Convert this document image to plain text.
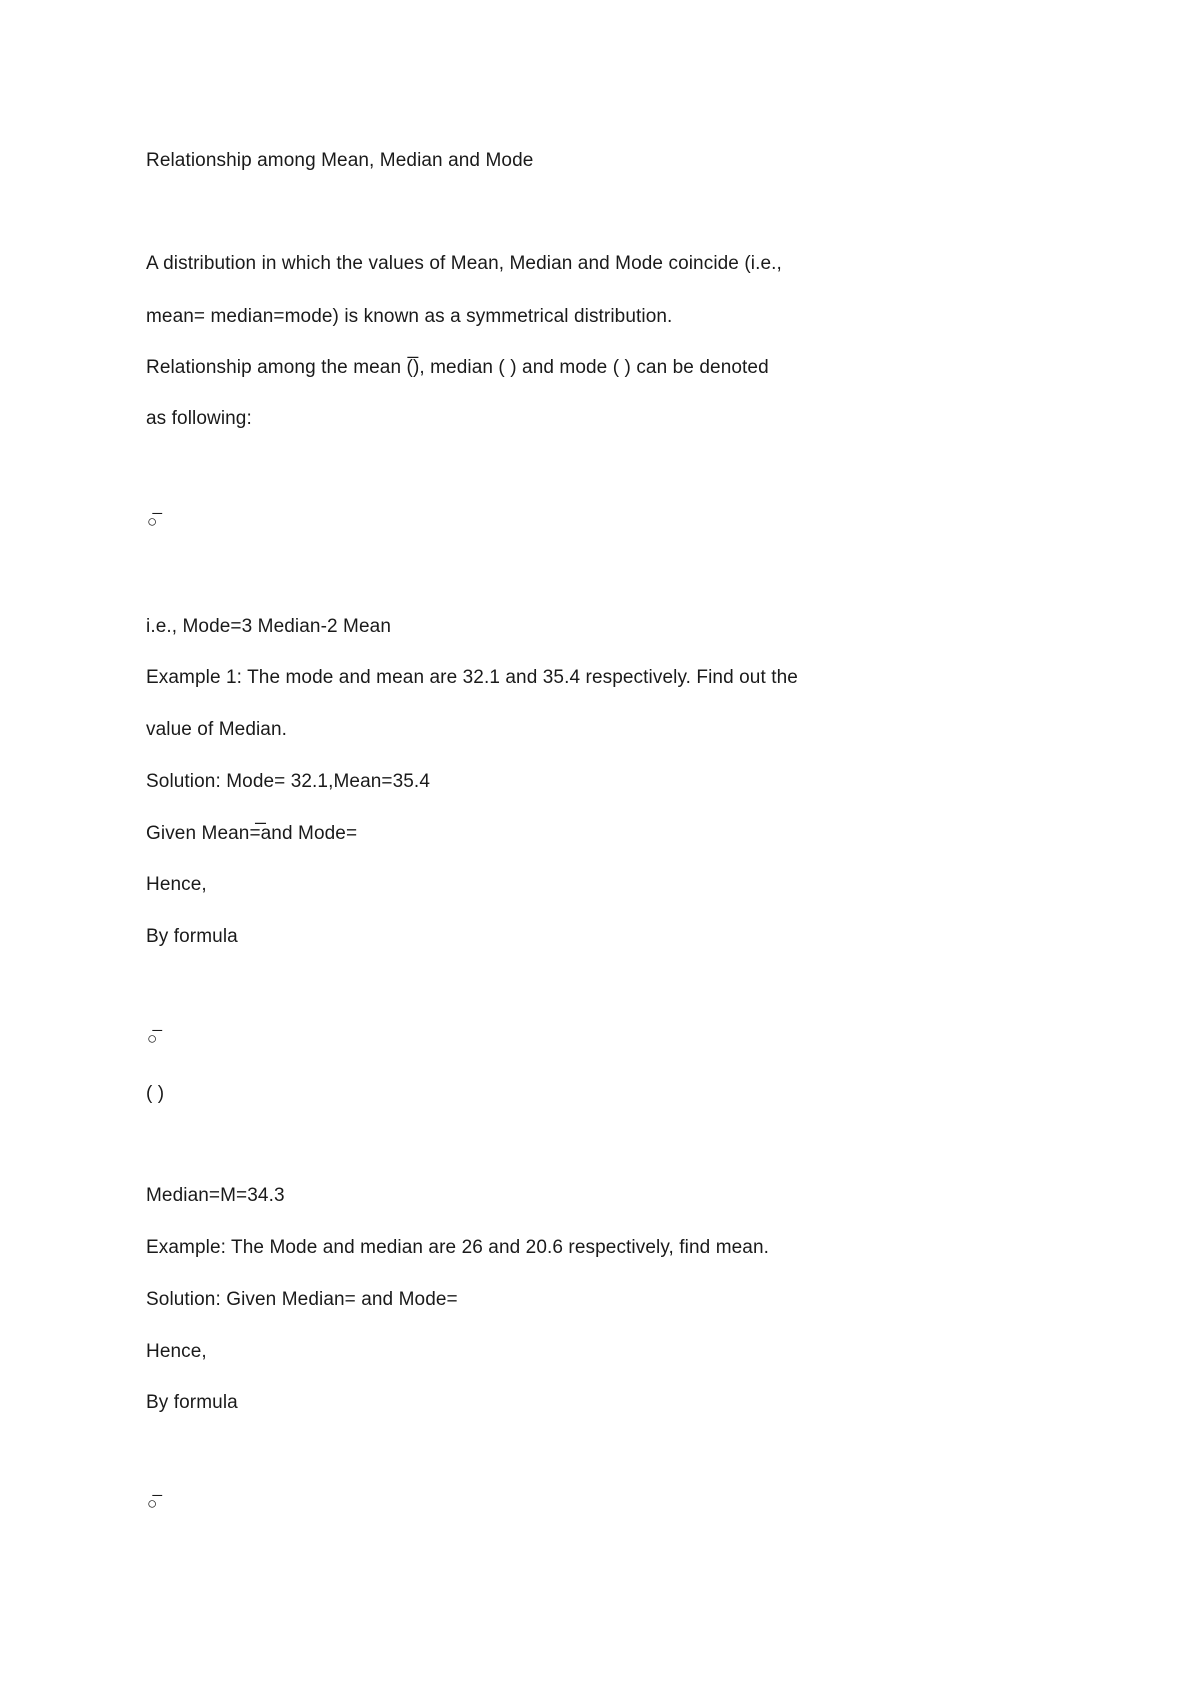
Relationship among Mean, Median and Mode
A distribution in which the values of Mean, Median and Mode coincide (i.e.,
mean= median=mode) is known as a symmetrical distribution.
Relationship among the mean (̅), median ( ) and mode ( ) can be denoted
as following:
○̅
i.e., Mode=3 Median-2 Mean
Example 1: The mode and mean are 32.1 and 35.4 respectively. Find out the
value of Median.
Solution: Mode= 32.1,Mean=35.4
Given Mean=̅and Mode=
Hence,
By formula
○̅
( )
Median=M=34.3
Example: The Mode and median are 26 and 20.6 respectively, find mean.
Solution: Given Median= and Mode=
Hence,
By formula
○̅
